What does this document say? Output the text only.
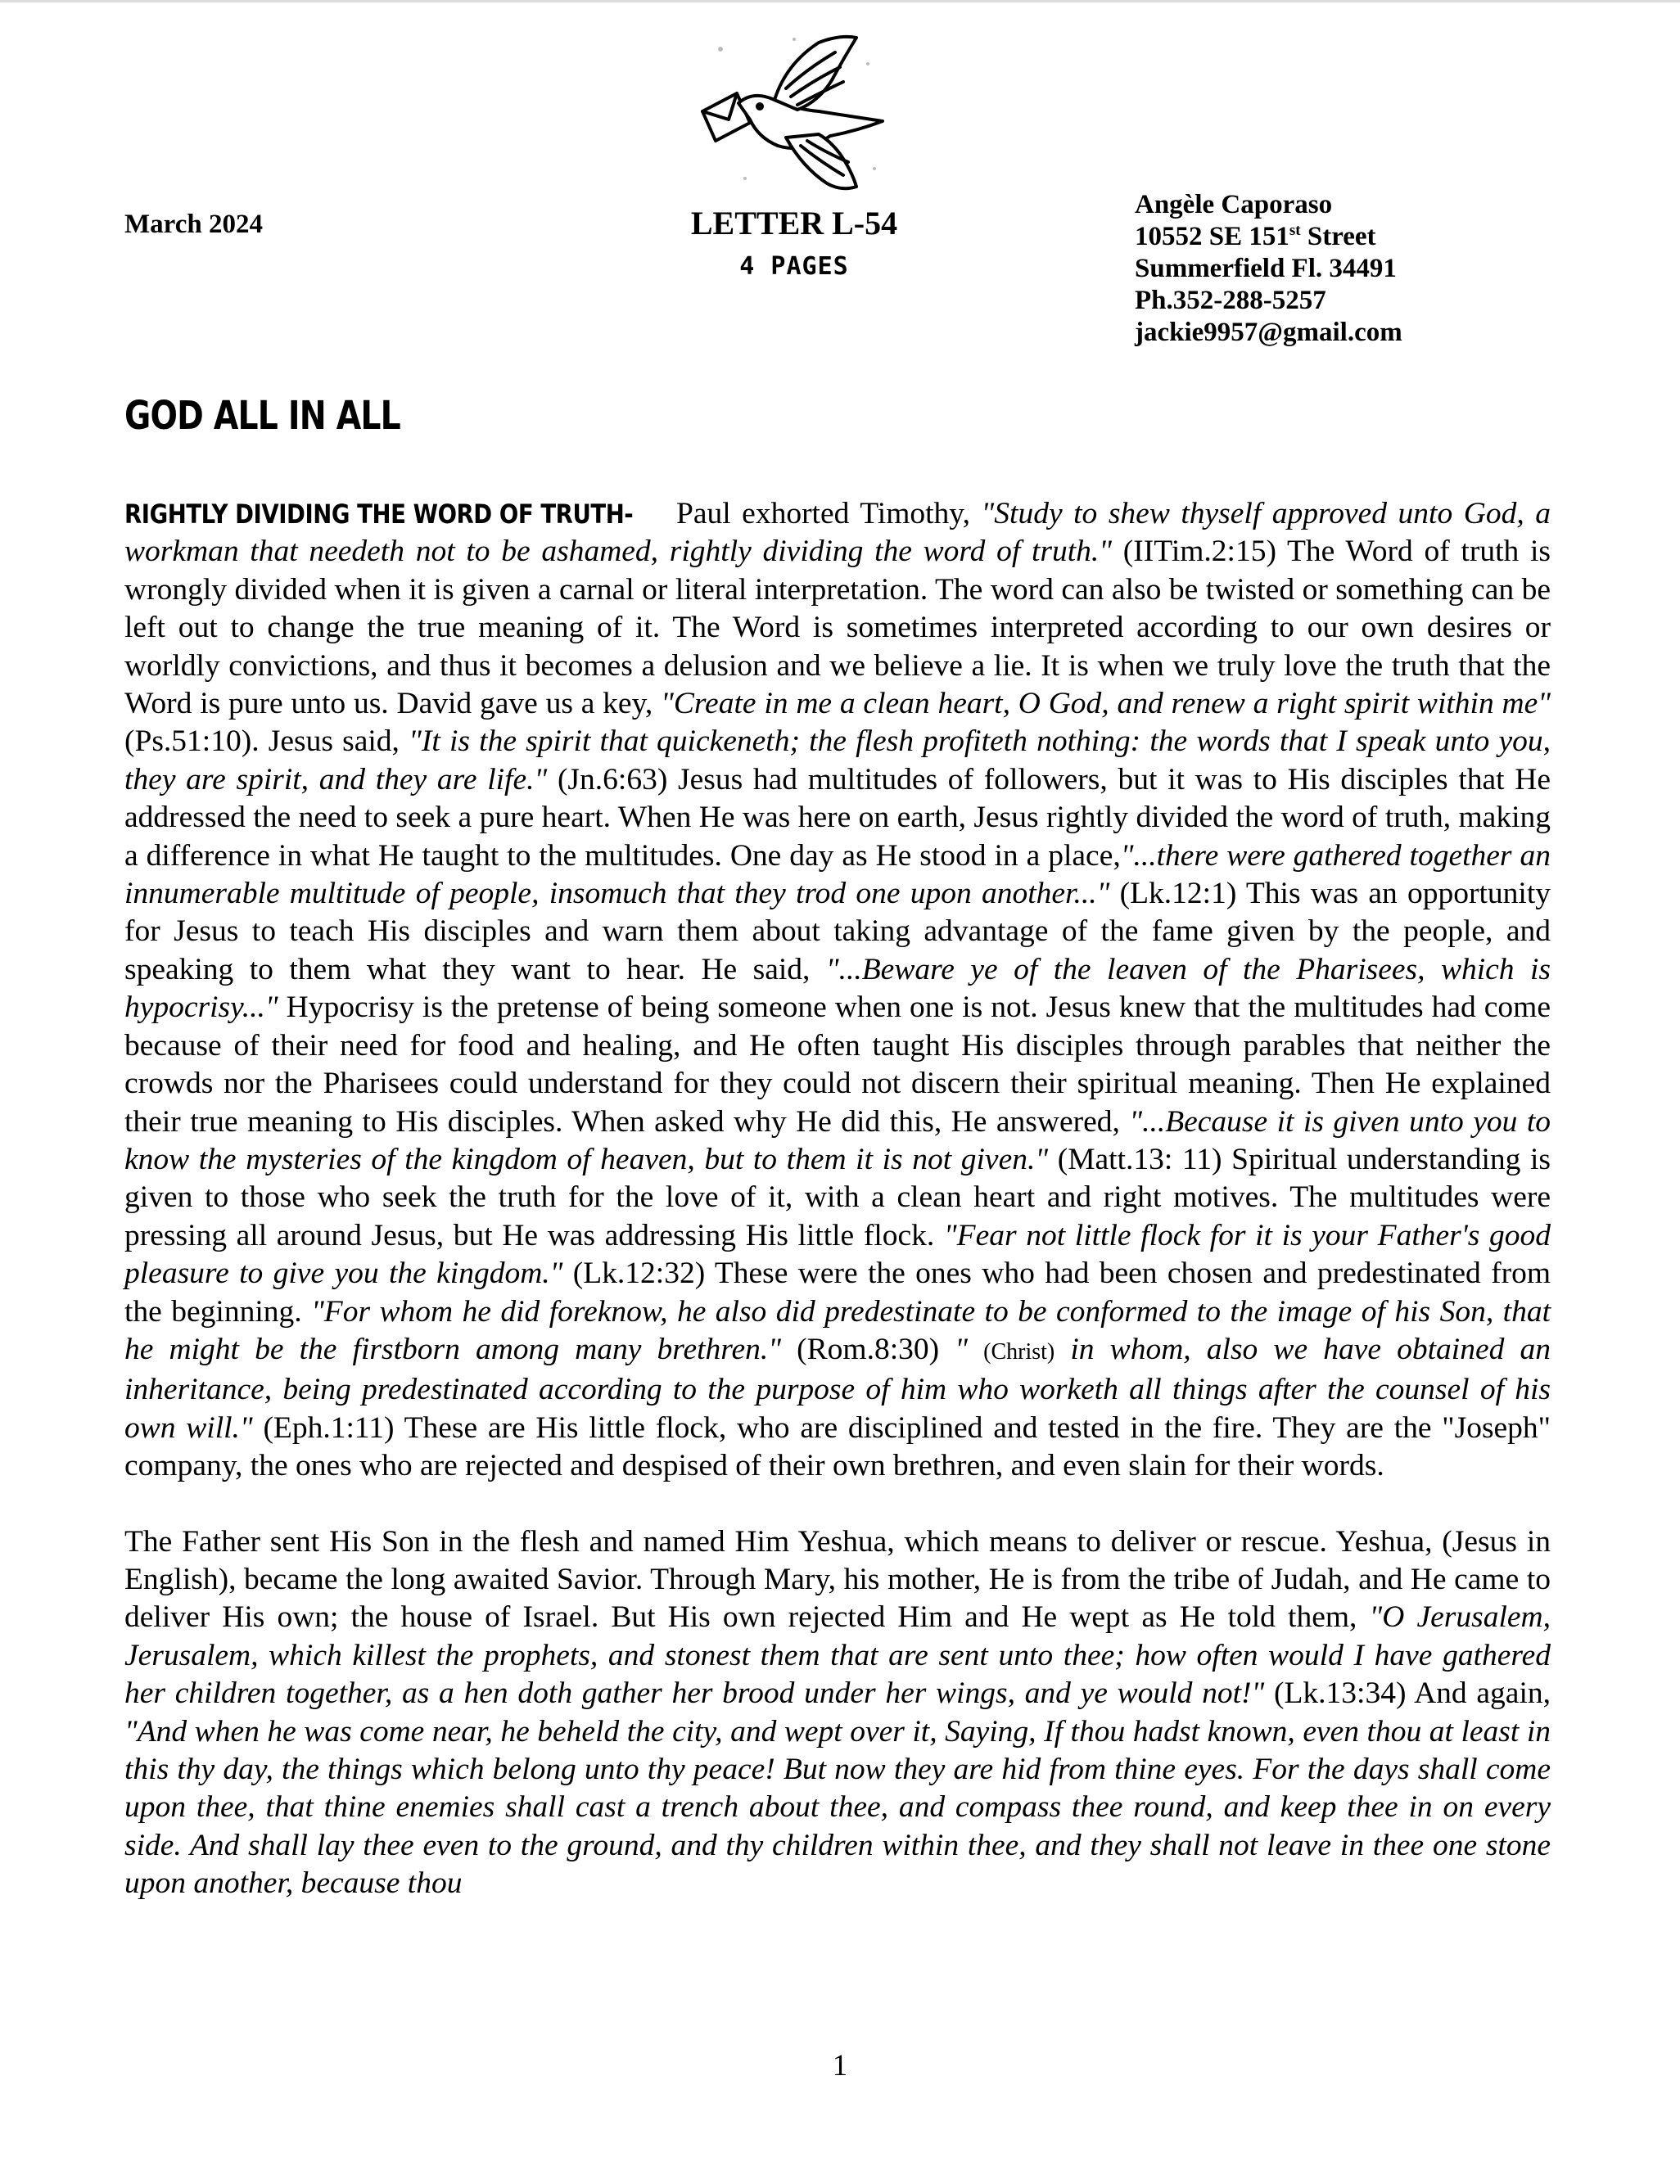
March 2024	LETTER L-54
4 PAGES
Angèle Caporaso
10552 SE 151st Street
Summerfield Fl. 34491
Ph.352-288-5257
jackie9957@gmail.com
GOD ALL IN ALL

RIGHTLY DIVIDING THE WORD OF TRUTH- Paul exhorted Timothy, "Study to shew thyself approved unto God, a workman that needeth not to be ashamed, rightly dividing the word of truth." (IITim.2:15) The Word of truth is wrongly divided when it is given a carnal or literal interpretation. The word can also be twisted or something can be left out to change the true meaning of it. The Word is sometimes interpreted according to our own desires or worldly convictions, and thus it becomes a delusion and we believe a lie. It is when we truly love the truth that the Word is pure unto us. David gave us a key, "Create in me a clean heart, O God, and renew a right spirit within me" (Ps.51:10). Jesus said, "It is the spirit that quickeneth; the flesh profiteth nothing: the words that I speak unto you, they are spirit, and they are life." (Jn.6:63) Jesus had multitudes of followers, but it was to His disciples that He addressed the need to seek a pure heart. When He was here on earth, Jesus rightly divided the word of truth, making a difference in what He taught to the multitudes. One day as He stood in a place,"...there were gathered together an innumerable multitude of people, insomuch that they trod one upon another..." (Lk.12:1) This was an opportunity for Jesus to teach His disciples and warn them about taking advantage of the fame given by the people, and speaking to them what they want to hear. He said, "...Beware ye of the leaven of the Pharisees, which is hypocrisy..." Hypocrisy is the pretense of being someone when one is not. Jesus knew that the multitudes had come because of their need for food and healing, and He often taught His disciples through parables that neither the crowds nor the Pharisees could understand for they could not discern their spiritual meaning. Then He explained their true meaning to His disciples. When asked why He did this, He answered, "...Because it is given unto you to know the mysteries of the kingdom of heaven, but to them it is not given." (Matt.13: 11) Spiritual understanding is given to those who seek the truth for the love of it, with a clean heart and right motives. The multitudes were pressing all around Jesus, but He was addressing His little flock. "Fear not little flock for it is your Father's good pleasure to give you the kingdom." (Lk.12:32) These were the ones who had been chosen and predestinated from the beginning. "For whom he did foreknow, he also did predestinate to be conformed to the image of his Son, that he might be the firstborn among many brethren." (Rom.8:30) " (Christ) in whom, also we have obtained an inheritance, being predestinated according to the purpose of him who worketh all things after the counsel of his own will." (Eph.1:11) These are His little flock, who are disciplined and tested in the fire. They are the "Joseph" company, the ones who are rejected and despised of their own brethren, and even slain for their words.

The Father sent His Son in the flesh and named Him Yeshua, which means to deliver or rescue. Yeshua, (Jesus in English), became the long awaited Savior. Through Mary, his mother, He is from the tribe of Judah, and He came to deliver His own; the house of Israel. But His own rejected Him and He wept as He told them, "O Jerusalem, Jerusalem, which killest the prophets, and stonest them that are sent unto thee; how often would I have gathered her children together, as a hen doth gather her brood under her wings, and ye would not!" (Lk.13:34) And again, "And when he was come near, he beheld the city, and wept over it, Saying, If thou hadst known, even thou at least in this thy day, the things which belong unto thy peace! But now they are hid from thine eyes. For the days shall come upon thee, that thine enemies shall cast a trench about thee, and compass thee round, and keep thee in on every side. And shall lay thee even to the ground, and thy children within thee, and they shall not leave in thee one stone upon another, because thou

1
